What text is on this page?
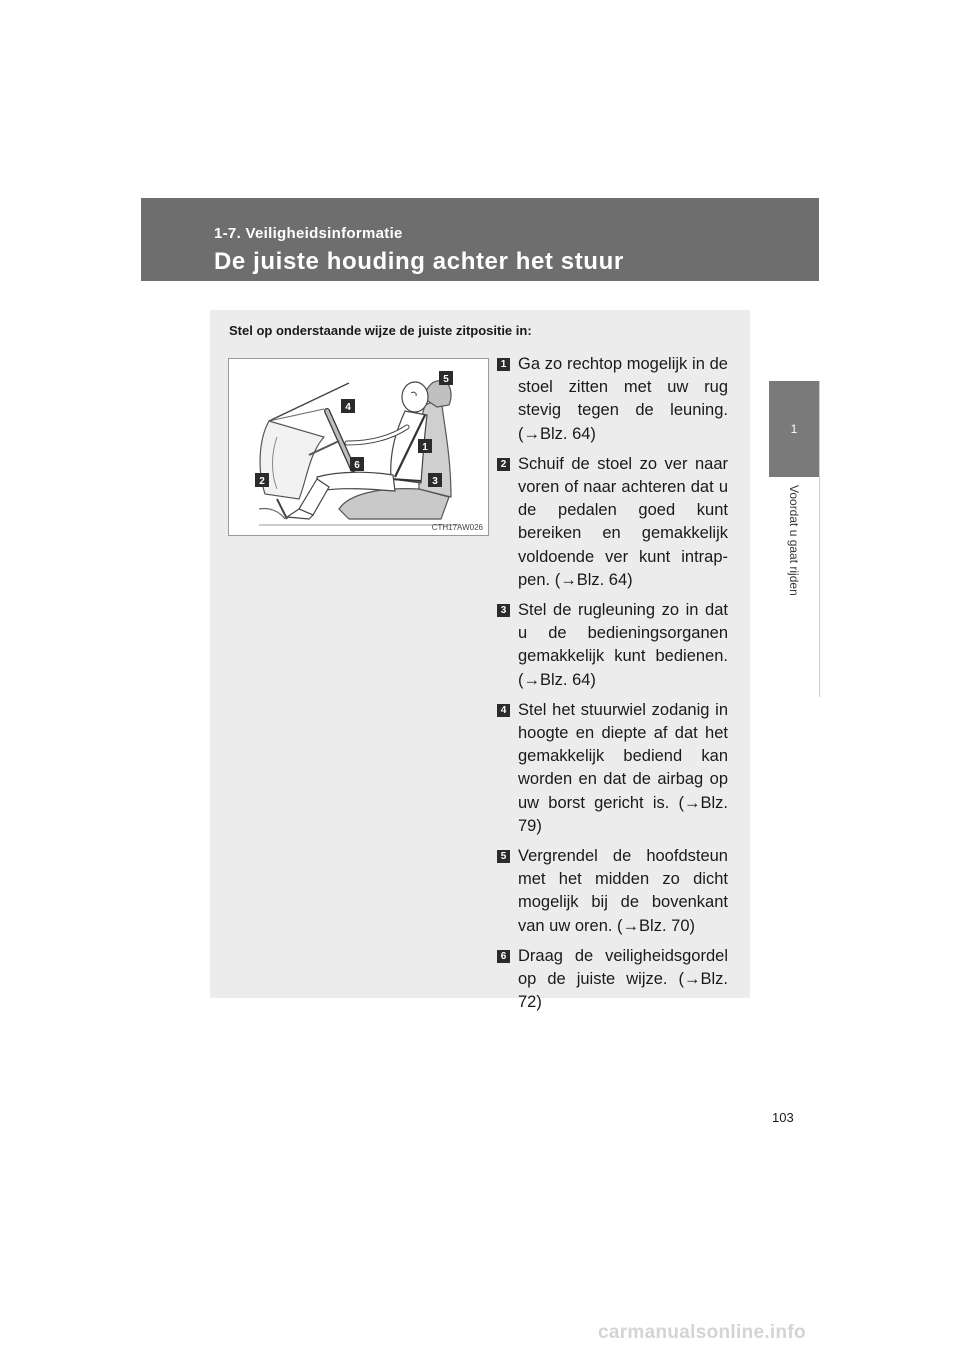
1-7. Veiligheidsinformatie
De juiste houding achter het stuur
1
Voordat u gaat rijden
Stel op onderstaande wijze de juiste zitpositie in:
5
4
1
6
2	3
CTH17AW026
1 Ga zo rechtop mogelijk in de stoel zitten met uw rug stevig tegen de leuning. (→Blz. 64)
2 Schuif de stoel zo ver naar voren of naar achteren dat u de pedalen goed kunt bereiken en gemakkelijk voldoende ver kunt intrap-pen. (→Blz. 64)
3 Stel de rugleuning zo in dat u de bedieningsorganen gemakkelijk kunt bedienen. (→Blz. 64)
4 Stel het stuurwiel zodanig in hoogte en diepte af dat het gemakkelijk bediend kan worden en dat de airbag op uw borst gericht is. (→Blz. 79)
5 Vergrendel de hoofdsteun met het midden zo dicht mogelijk bij de bovenkant van uw oren. (→Blz. 70)
6 Draag de veiligheidsgordel op de juiste wijze. (→Blz. 72)
103
carmanualsonline.info
